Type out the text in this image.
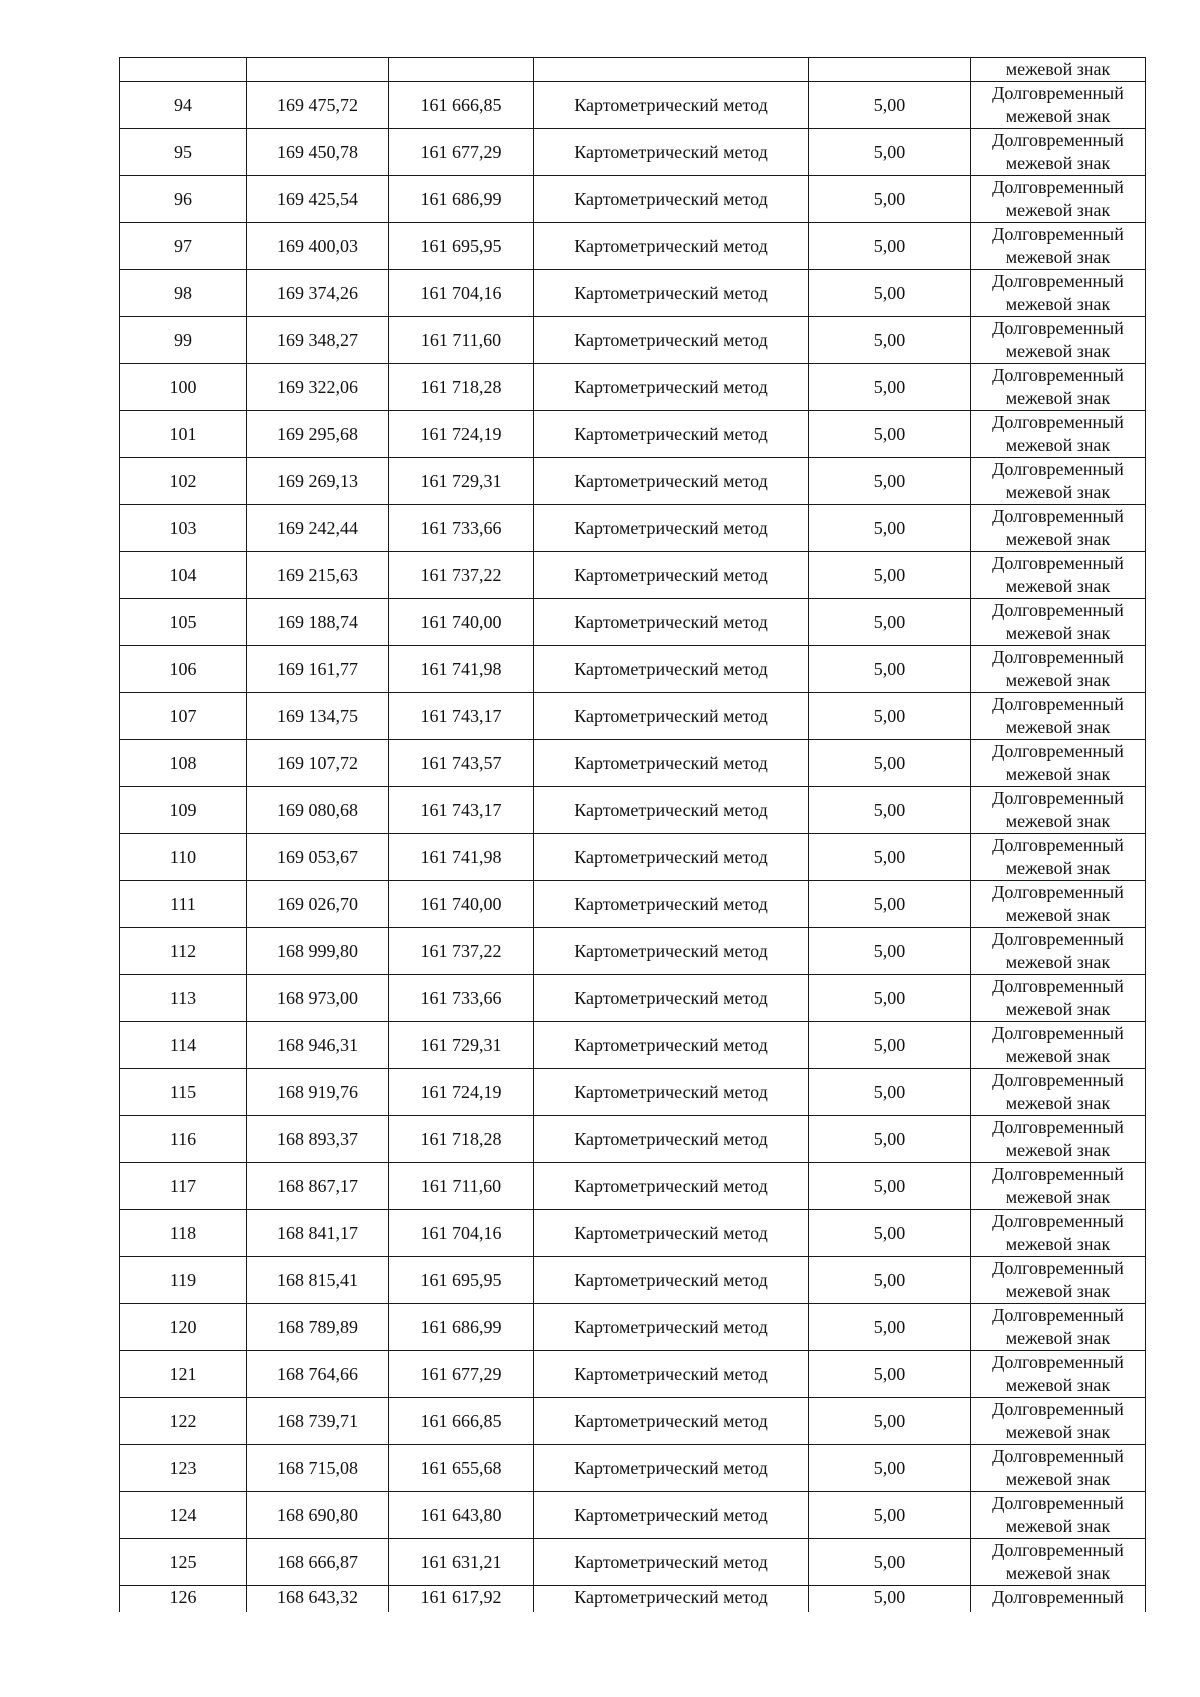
					межевой знак
94	169 475,72	161 666,85	Картометрический метод	5,00	Долговременный межевой знак
95	169 450,78	161 677,29	Картометрический метод	5,00	Долговременный межевой знак
96	169 425,54	161 686,99	Картометрический метод	5,00	Долговременный межевой знак
97	169 400,03	161 695,95	Картометрический метод	5,00	Долговременный межевой знак
98	169 374,26	161 704,16	Картометрический метод	5,00	Долговременный межевой знак
99	169 348,27	161 711,60	Картометрический метод	5,00	Долговременный межевой знак
100	169 322,06	161 718,28	Картометрический метод	5,00	Долговременный межевой знак
101	169 295,68	161 724,19	Картометрический метод	5,00	Долговременный межевой знак
102	169 269,13	161 729,31	Картометрический метод	5,00	Долговременный межевой знак
103	169 242,44	161 733,66	Картометрический метод	5,00	Долговременный межевой знак
104	169 215,63	161 737,22	Картометрический метод	5,00	Долговременный межевой знак
105	169 188,74	161 740,00	Картометрический метод	5,00	Долговременный межевой знак
106	169 161,77	161 741,98	Картометрический метод	5,00	Долговременный межевой знак
107	169 134,75	161 743,17	Картометрический метод	5,00	Долговременный межевой знак
108	169 107,72	161 743,57	Картометрический метод	5,00	Долговременный межевой знак
109	169 080,68	161 743,17	Картометрический метод	5,00	Долговременный межевой знак
110	169 053,67	161 741,98	Картометрический метод	5,00	Долговременный межевой знак
111	169 026,70	161 740,00	Картометрический метод	5,00	Долговременный межевой знак
112	168 999,80	161 737,22	Картометрический метод	5,00	Долговременный межевой знак
113	168 973,00	161 733,66	Картометрический метод	5,00	Долговременный межевой знак
114	168 946,31	161 729,31	Картометрический метод	5,00	Долговременный межевой знак
115	168 919,76	161 724,19	Картометрический метод	5,00	Долговременный межевой знак
116	168 893,37	161 718,28	Картометрический метод	5,00	Долговременный межевой знак
117	168 867,17	161 711,60	Картометрический метод	5,00	Долговременный межевой знак
118	168 841,17	161 704,16	Картометрический метод	5,00	Долговременный межевой знак
119	168 815,41	161 695,95	Картометрический метод	5,00	Долговременный межевой знак
120	168 789,89	161 686,99	Картометрический метод	5,00	Долговременный межевой знак
121	168 764,66	161 677,29	Картометрический метод	5,00	Долговременный межевой знак
122	168 739,71	161 666,85	Картометрический метод	5,00	Долговременный межевой знак
123	168 715,08	161 655,68	Картометрический метод	5,00	Долговременный межевой знак
124	168 690,80	161 643,80	Картометрический метод	5,00	Долговременный межевой знак
125	168 666,87	161 631,21	Картометрический метод	5,00	Долговременный межевой знак
126	168 643,32	161 617,92	Картометрический метод	5,00	Долговременный
